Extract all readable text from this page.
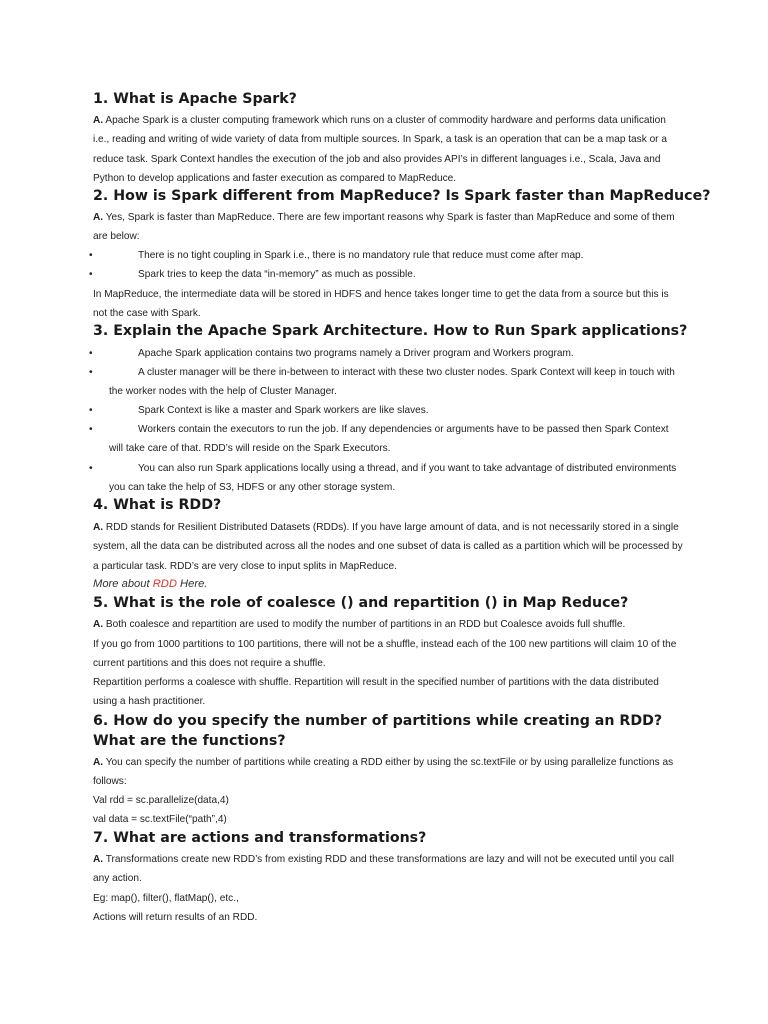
1. What is Apache Spark?
A. Apache Spark is a cluster computing framework which runs on a cluster of commodity hardware and performs data unification i.e., reading and writing of wide variety of data from multiple sources. In Spark, a task is an operation that can be a map task or a reduce task. Spark Context handles the execution of the job and also provides API’s in different languages i.e., Scala, Java and Python to develop applications and faster execution as compared to MapReduce.
2. How is Spark different from MapReduce? Is Spark faster than MapReduce?
A. Yes, Spark is faster than MapReduce. There are few important reasons why Spark is faster than MapReduce and some of them are below:
•	There is no tight coupling in Spark i.e., there is no mandatory rule that reduce must come after map.
•	Spark tries to keep the data “in-memory” as much as possible.
In MapReduce, the intermediate data will be stored in HDFS and hence takes longer time to get the data from a source but this is not the case with Spark.
3. Explain the Apache Spark Architecture. How to Run Spark applications?
•	Apache Spark application contains two programs namely a Driver program and Workers program.
•	A cluster manager will be there in-between to interact with these two cluster nodes. Spark Context will keep in touch with the worker nodes with the help of Cluster Manager.
•	Spark Context is like a master and Spark workers are like slaves.
•	Workers contain the executors to run the job. If any dependencies or arguments have to be passed then Spark Context will take care of that. RDD’s will reside on the Spark Executors.
•	You can also run Spark applications locally using a thread, and if you want to take advantage of distributed environments you can take the help of S3, HDFS or any other storage system.
4. What is RDD?
A. RDD stands for Resilient Distributed Datasets (RDDs). If you have large amount of data, and is not necessarily stored in a single system, all the data can be distributed across all the nodes and one subset of data is called as a partition which will be processed by a particular task. RDD’s are very close to input splits in MapReduce.
More about RDD Here.
5. What is the role of coalesce () and repartition () in Map Reduce?
A. Both coalesce and repartition are used to modify the number of partitions in an RDD but Coalesce avoids full shuffle.
If you go from 1000 partitions to 100 partitions, there will not be a shuffle, instead each of the 100 new partitions will claim 10 of the current partitions and this does not require a shuffle.
Repartition performs a coalesce with shuffle. Repartition will result in the specified number of partitions with the data distributed using a hash practitioner.
6. How do you specify the number of partitions while creating an RDD? What are the functions?
A. You can specify the number of partitions while creating a RDD either by using the sc.textFile or by using parallelize functions as follows:
Val rdd = sc.parallelize(data,4)
val data = sc.textFile(“path”,4)
7. What are actions and transformations?
A. Transformations create new RDD’s from existing RDD and these transformations are lazy and will not be executed until you call any action.
Eg: map(), filter(), flatMap(), etc.,
Actions will return results of an RDD.
